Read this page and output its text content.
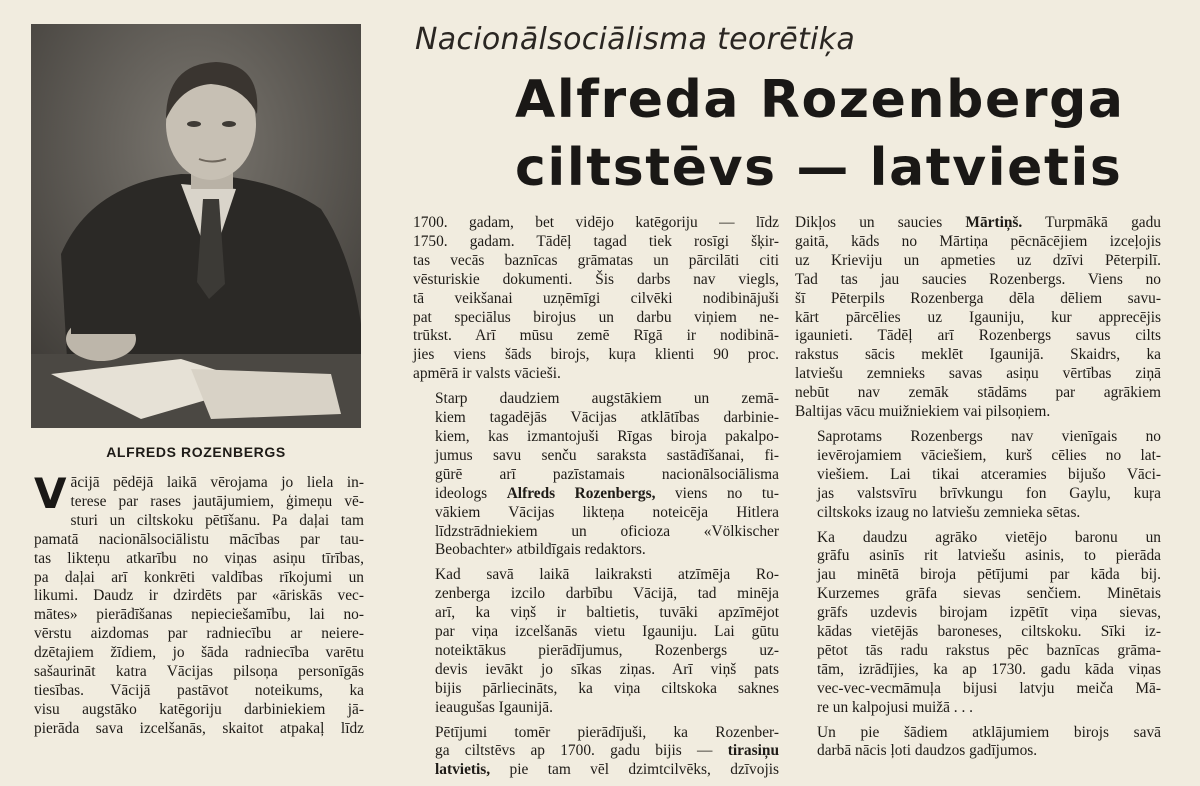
ALFREDS ROZENBERGS
Nacionālsociālisma teorētiķa
Alfreda Rozenberga
ciltstēvs — latvietis

V ācijā pēdējā laikā vērojama jo liela in-
terese par rases jautājumiem, ģimeņu vē-
sturi un ciltskoku pētīšanu. Pa daļai tam
pamatā nacionālsociālistu mācības par tau-
tas likteņu atkarību no viņas asiņu tīrības,
pa daļai arī konkrēti valdības rīkojumi un
likumi. Daudz ir dzirdēts par «āriskās vec-
mātes» pierādīšanas nepieciešamību, lai no-
vērstu aizdomas par radniecību ar neiere-
dzētajiem žīdiem, jo šāda radniecība varētu
sašaurināt katra Vācijas pilsoņa personīgās
tiesības. Vācijā pastāvot noteikums, ka
visu augstāko katēgoriju darbiniekiem jā-
pierāda sava izcelšanās, skaitot atpakaļ līdz

1700. gadam, bet vidējo katēgoriju — līdz
1750. gadam. Tādēļ tagad tiek rosīgi šķir-
tas vecās baznīcas grāmatas un pārcilāti citi
vēsturiskie dokumenti. Šis darbs nav viegls,
tā veikšanai uzņēmīgi cilvēki nodibinājuši
pat speciālus birojus un darbu viņiem ne-
trūkst. Arī mūsu zemē Rīgā ir nodibinā-
jies viens šāds birojs, kuŗa klienti 90 proc.
apmērā ir valsts vācieši.

Starp daudziem augstākiem un zemā-
kiem tagadējās Vācijas atklātības darbinie-
kiem, kas izmantojuši Rīgas biroja pakalpo-
jumus savu senču saraksta sastādīšanai, fi-
gūrē arī pazīstamais nacionālsociālisma
ideologs Alfreds Rozenbergs, viens no tu-
vākiem Vācijas likteņa noteicēja Hitlera
līdzstrādniekiem un oficioza «Völkischer
Beobachter» atbildīgais redaktors.

Kad savā laikā laikraksti atzīmēja Ro-
zenberga izcilo darbību Vācijā, tad minēja
arī, ka viņš ir baltietis, tuvāki apzīmējot
par viņa izcelšanās vietu Igauniju. Lai gūtu
noteiktākus pierādījumus, Rozenbergs uz-
devis ievākt jo sīkas ziņas. Arī viņš pats
bijis pārliecināts, ka viņa ciltskoka saknes
ieaugušas Igaunijā.

Pētījumi tomēr pierādījuši, ka Rozenber-
ga ciltstēvs ap 1700. gadu bijis — tirasiņu
latvietis, pie tam vēl dzimtcilvēks, dzīvojis

Dikļos un saucies Mārtiņš. Turpmākā gadu
gaitā, kāds no Mārtiņa pēcnācējiem izceļojis
uz Krieviju un apmeties uz dzīvi Pēterpilī.
Tad tas jau saucies Rozenbergs. Viens no
šī Pēterpils Rozenberga dēla dēliem savu-
kārt pārcēlies uz Igauniju, kur apprecējis
igaunieti. Tādēļ arī Rozenbergs savus cilts
rakstus sācis meklēt Igaunijā. Skaidrs, ka
latviešu zemnieks savas asiņu vērtības ziņā
nebūt nav zemāk stādāms par agrākiem
Baltijas vācu muižniekiem vai pilsoņiem.

Saprotams Rozenbergs nav vienīgais no
ievērojamiem vāciešiem, kurš cēlies no lat-
viešiem. Lai tikai atceramies bijušo Vāci-
jas valstsvīru brīvkungu fon Gaylu, kuŗa
ciltskoks izaug no latviešu zemnieka sētas.

Ka daudzu agrāko vietējo baronu un
grāfu asinīs rit latviešu asinis, to pierāda
jau minētā biroja pētījumi par kāda bij.
Kurzemes grāfa sievas senčiem. Minētais
grāfs uzdevis birojam izpētīt viņa sievas,
kādas vietējās baroneses, ciltskoku. Sīki iz-
pētot tās radu rakstus pēc baznīcas grāma-
tām, izrādījies, ka ap 1730. gadu kāda viņas
vec-vec-vecmāmuļa bijusi latvju meiča Mā-
re un kalpojusi muižā . . .

Un pie šādiem atklājumiem birojs savā
darbā nācis ļoti daudzos gadījumos.
